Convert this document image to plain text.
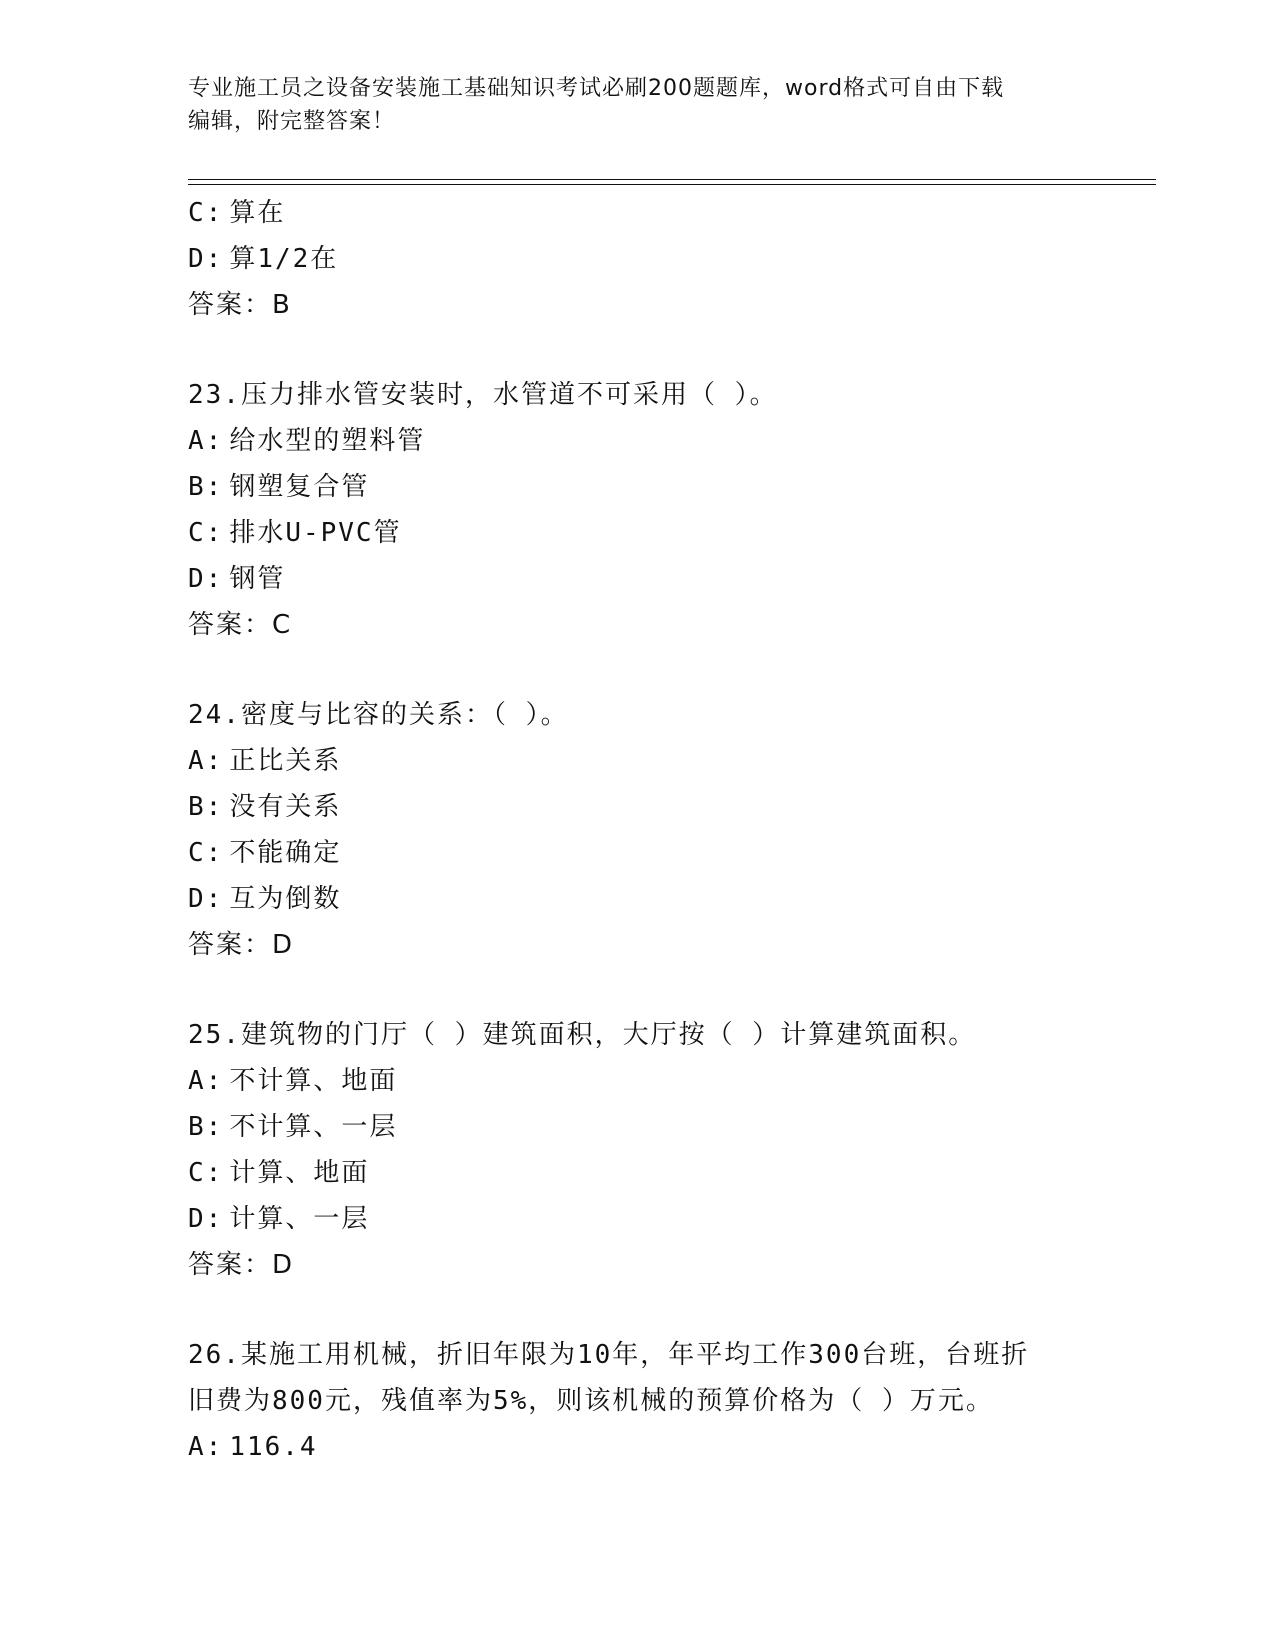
专业施工员之设备安装施工基础知识考试必刷200题题库，word格式可自由下载
编辑，附完整答案！
C: 算在
D: 算1/2在
答案：B
23.压力排水管安装时，水管道不可采用（ ）。
A: 给水型的塑料管
B: 钢塑复合管
C: 排水U-PVC管
D: 钢管
答案：C
24.密度与比容的关系：（ ）。
A: 正比关系
B: 没有关系
C: 不能确定
D: 互为倒数
答案：D
25.建筑物的门厅（ ）建筑面积，大厅按（ ）计算建筑面积。
A: 不计算、地面
B: 不计算、一层
C: 计算、地面
D: 计算、一层
答案：D
26.某施工用机械，折旧年限为10年，年平均工作300台班，台班折
旧费为800元，残值率为5%，则该机械的预算价格为（ ）万元。
A: 116.4
